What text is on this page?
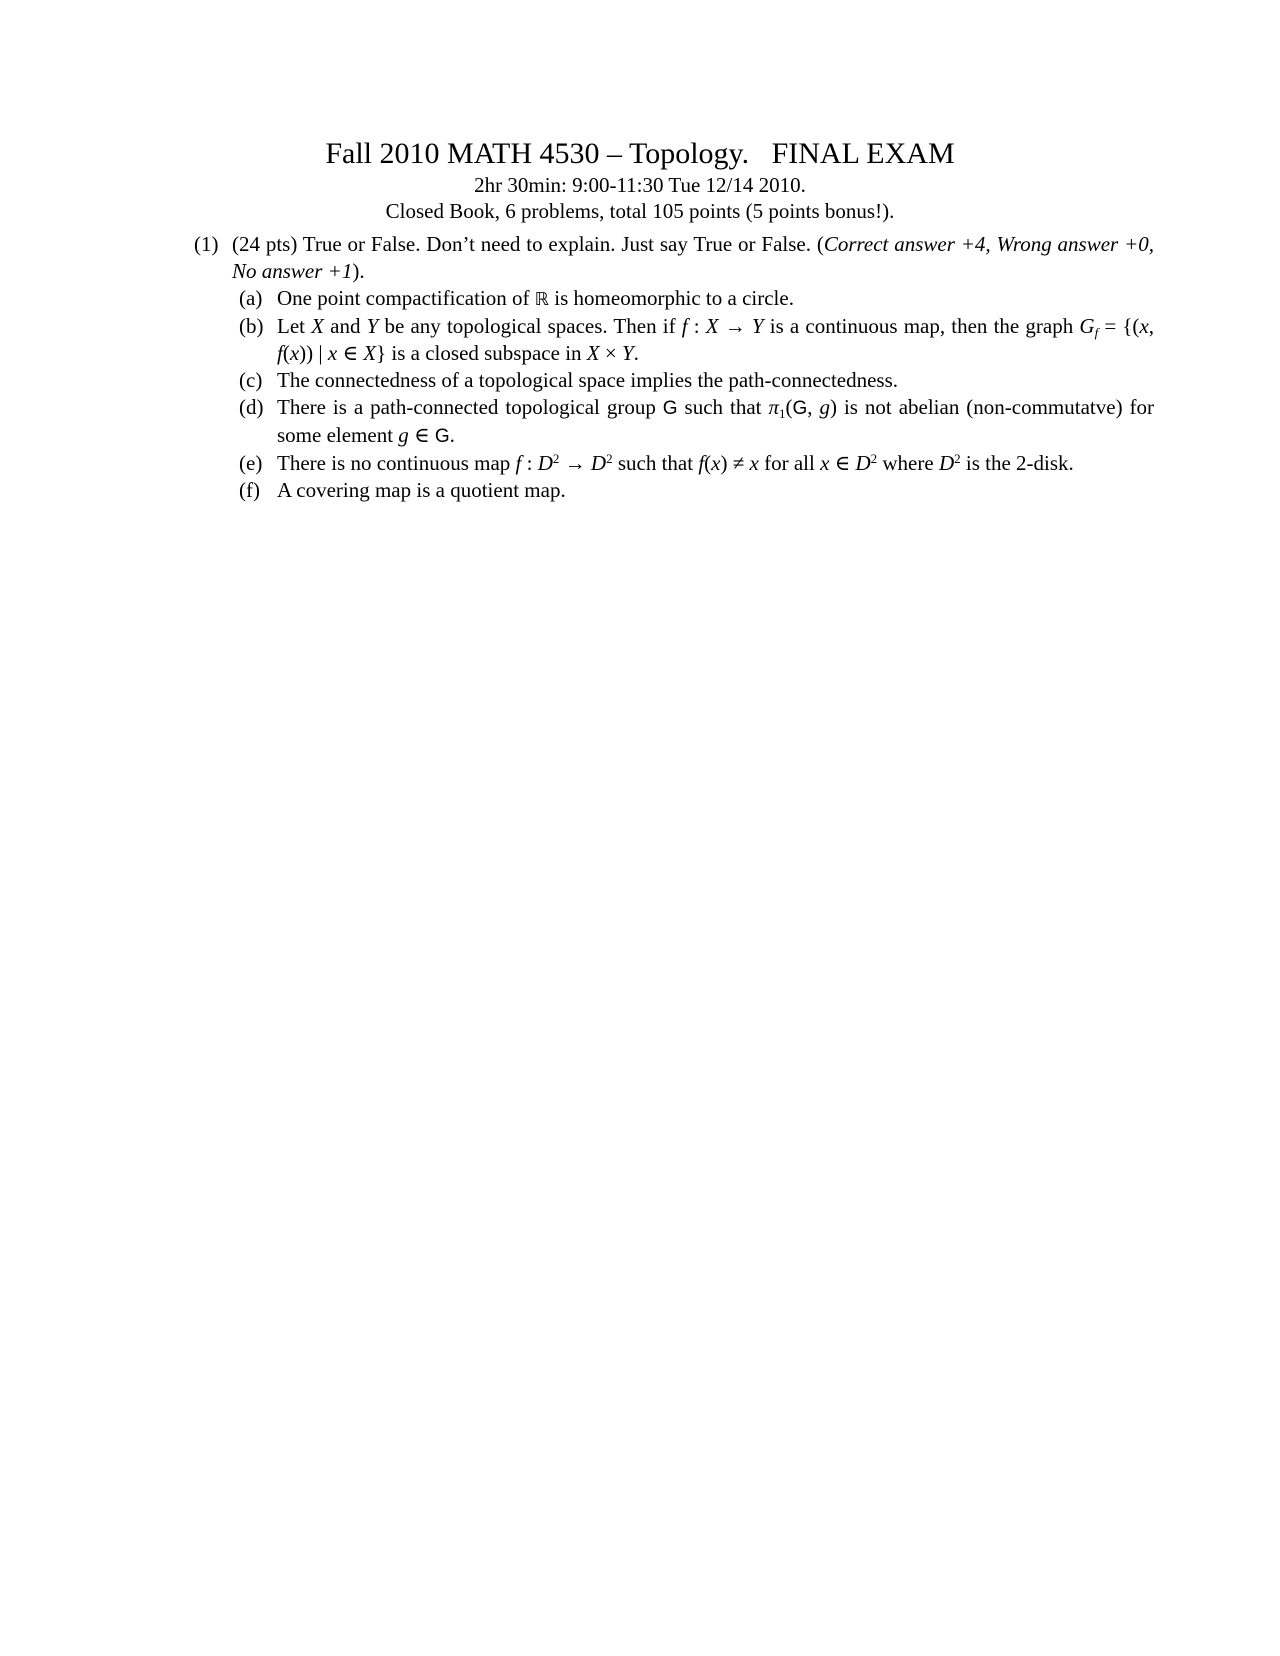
Fall 2010 MATH 4530 – Topology.   FINAL EXAM
2hr 30min: 9:00-11:30 Tue 12/14 2010.
Closed Book, 6 problems, total 105 points (5 points bonus!).
(1) (24 pts) True or False. Don’t need to explain. Just say True or False. (Correct answer +4, Wrong answer +0, No answer +1).
(a) One point compactification of ℝ is homeomorphic to a circle.
(b) Let X and Y be any topological spaces. Then if f : X → Y is a continuous map, then the graph $G_f = \{(x$, f(x)) | x ∈ X} is a closed subspace in X × Y.
(c) The connectedness of a topological space implies the path-connectedness.
(d) There is a path-connected topological group G such that $\pi_1(G$, g) is not abelian (non-commutatve) for some element g ∈ G.
(e) There is no continuous map f : $D^2 \to D^2$ such that f(x) ≠ x for all x ∈ $D^2$ where $D^2$ is the 2-disk.
(f) A covering map is a quotient map.
